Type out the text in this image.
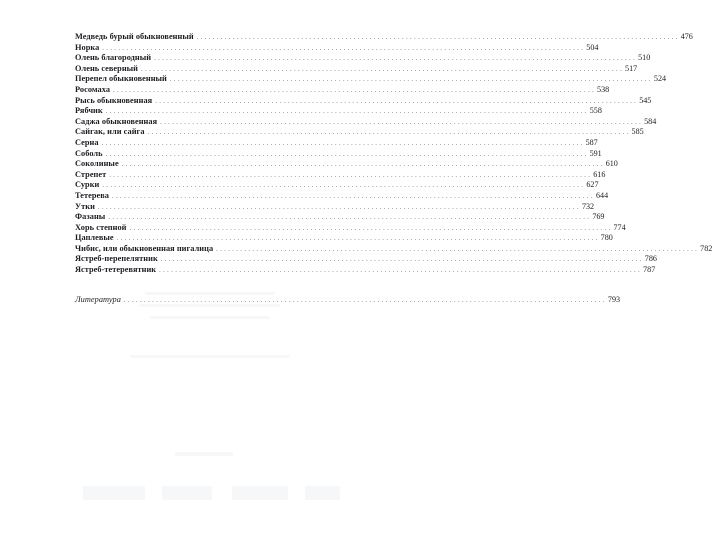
Медведь бурый обыкновенный ........................................................................................................................ 476
Норка ........................................................................................................................ 504
Олень благородный ........................................................................................................................ 510
Олень северный ........................................................................................................................ 517
Перепел обыкновенный ........................................................................................................................ 524
Росомаха ........................................................................................................................ 538
Рысь обыкновенная ........................................................................................................................ 545
Рябчик ........................................................................................................................ 558
Саджа обыкновенная ........................................................................................................................ 584
Сайгак, или сайга ........................................................................................................................ 585
Серна ........................................................................................................................ 587
Соболь ........................................................................................................................ 591
Соколиные ........................................................................................................................ 610
Стрепет ........................................................................................................................ 616
Сурки ........................................................................................................................ 627
Тетерева ........................................................................................................................ 644
Утки ........................................................................................................................ 732
Фазаны ........................................................................................................................ 769
Хорь степной ........................................................................................................................ 774
Цаплевые ........................................................................................................................ 780
Чибис, или обыкновенная пигалица ........................................................................................................................ 782
Ястреб-перепелятник ........................................................................................................................ 786
Ястреб-тетеревятник ........................................................................................................................ 787
Литература ........................................................................................................................ 793
